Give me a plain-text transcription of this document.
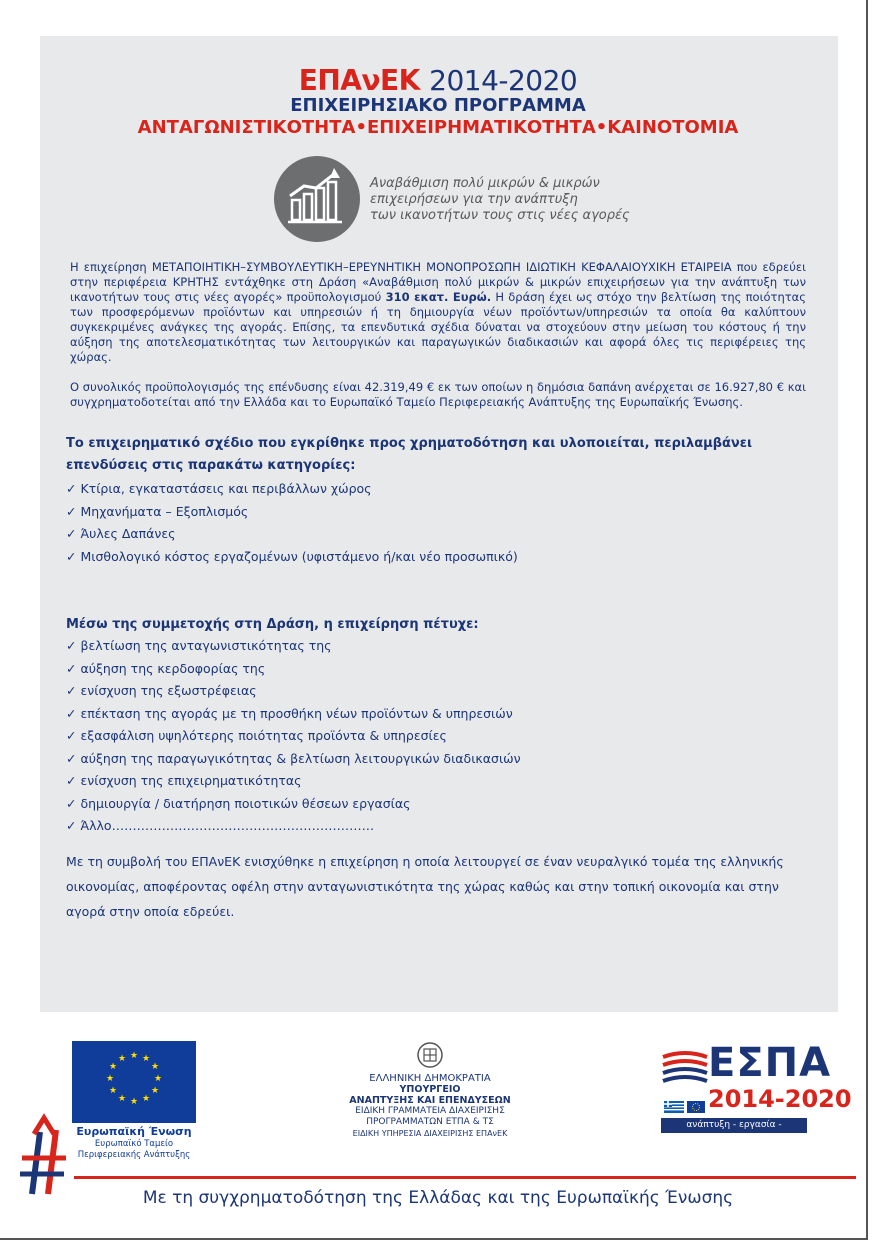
ΕΠΑνΕΚ 2014-2020
ΕΠΙΧΕΙΡΗΣΙΑΚΟ ΠΡΟΓΡΑΜΜΑ
ΑΝΤΑΓΩΝΙΣΤΙΚΟΤΗΤΑ•ΕΠΙΧΕΙΡΗΜΑΤΙΚΟΤΗΤΑ•ΚΑΙΝΟΤΟΜΙΑ
Αναβάθμιση πολύ μικρών & μικρών
επιχειρήσεων για την ανάπτυξη
των ικανοτήτων τους στις νέες αγορές
Η επιχείρηση ΜΕΤΑΠΟΙΗΤΙΚΗ–ΣΥΜΒΟΥΛΕΥΤΙΚΗ–ΕΡΕΥΝΗΤΙΚΗ ΜΟΝΟΠΡΟΣΩΠΗ ΙΔΙΩΤΙΚΗ ΚΕΦΑΛΑΙΟΥΧΙΚΗ ΕΤΑΙΡΕΙΑ που εδρεύει στην περιφέρεια ΚΡΗΤΗΣ εντάχθηκε στη Δράση «Αναβάθμιση πολύ μικρών & μικρών επιχειρήσεων για την ανάπτυξη των ικανοτήτων τους στις νέες αγορές» προϋπολογισμού 310 εκατ. Ευρώ. Η δράση έχει ως στόχο την βελτίωση της ποιότητας των προσφερόμενων προϊόντων και υπηρεσιών ή τη δημιουργία νέων προϊόντων/υπηρεσιών τα οποία θα καλύπτουν συγκεκριμένες ανάγκες της αγοράς. Επίσης, τα επενδυτικά σχέδια δύναται να στοχεύουν στην μείωση του κόστους ή την αύξηση της αποτελεσματικότητας των λειτουργικών και παραγωγικών διαδικασιών και αφορά όλες τις περιφέρειες της χώρας.
Ο συνολικός προϋπολογισμός της επένδυσης είναι 42.319,49 € εκ των οποίων η δημόσια δαπάνη ανέρχεται σε 16.927,80 € και συγχρηματοδοτείται από την Ελλάδα και το Ευρωπαϊκό Ταμείο Περιφερειακής Ανάπτυξης της Ευρωπαϊκής Ένωσης.
Το επιχειρηματικό σχέδιο που εγκρίθηκε προς χρηματοδότηση και υλοποιείται, περιλαμβάνει επενδύσεις στις παρακάτω κατηγορίες:
✓ Κτίρια, εγκαταστάσεις και περιβάλλων χώρος
✓ Μηχανήματα – Εξοπλισμός
✓ Άυλες Δαπάνες
✓ Μισθολογικό κόστος εργαζομένων (υφιστάμενο ή/και νέο προσωπικό)
Μέσω της συμμετοχής στη Δράση, η επιχείρηση πέτυχε:
✓ βελτίωση της ανταγωνιστικότητας της
✓ αύξηση της κερδοφορίας της
✓ ενίσχυση της εξωστρέφειας
✓ επέκταση της αγοράς με τη προσθήκη νέων προϊόντων & υπηρεσιών
✓ εξασφάλιση υψηλότερης ποιότητας προϊόντα & υπηρεσίες
✓ αύξηση της παραγωγικότητας & βελτίωση λειτουργικών διαδικασιών
✓ ενίσχυση της επιχειρηματικότητας
✓ δημιουργία / διατήρηση ποιοτικών θέσεων εργασίας
✓ Άλλο………………………………………………………
Με τη συμβολή του ΕΠΑνΕΚ ενισχύθηκε η επιχείρηση η οποία λειτουργεί σε έναν νευραλγικό τομέα της ελληνικής οικονομίας, αποφέροντας οφέλη στην ανταγωνιστικότητα της χώρας καθώς και στην τοπική οικονομία και στην αγορά στην οποία εδρεύει.
★ ★
★
★
★
★
★
★
★
★
★
★
Ευρωπαϊκή Ένωση
Ευρωπαϊκό Ταμείο
Περιφερειακής Ανάπτυξης
ΕΛΛΗΝΙΚΗ ΔΗΜΟΚΡΑΤΙΑ
ΥΠΟΥΡΓΕΙΟ
ΑΝΑΠΤΥΞΗΣ ΚΑΙ ΕΠΕΝΔΥΣΕΩΝ
ΕΙΔΙΚΗ ΓΡΑΜΜΑΤΕΙΑ ΔΙΑΧΕΙΡΙΣΗΣ
ΠΡΟΓΡΑΜΜΑΤΩΝ ΕΤΠΑ & ΤΣ
ΕΙΔΙΚΗ ΥΠΗΡΕΣΙΑ ΔΙΑΧΕΙΡΙΣΗΣ ΕΠΑνΕΚ
ΕΣΠΑ
2014-2020
ανάπτυξη - εργασία - αλληλεγγύη
Με τη συγχρηματοδότηση της Ελλάδας και της Ευρωπαϊκής Ένωσης
